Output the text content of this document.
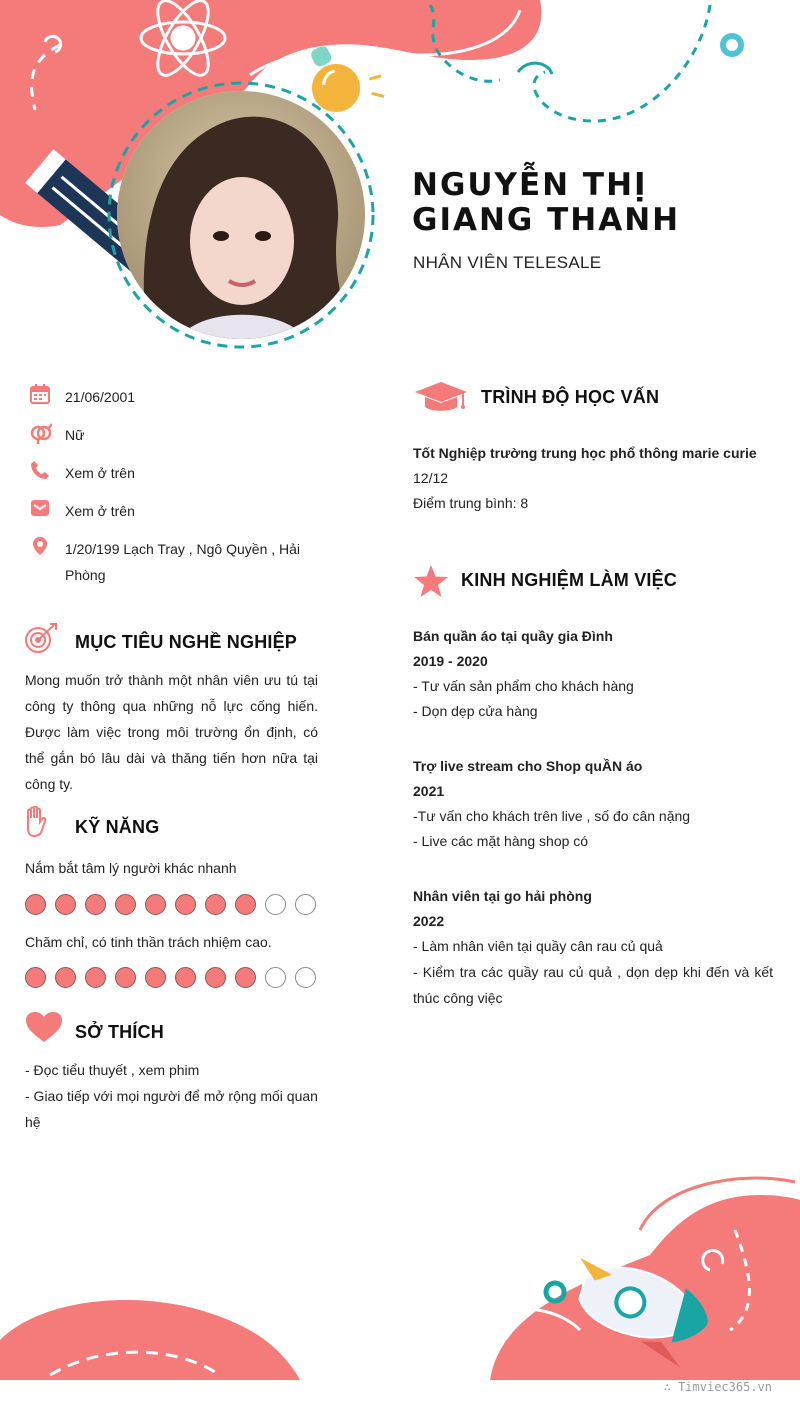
NGUYỄN THỊ GIANG THANH
NHÂN VIÊN TELESALE
21/06/2001
Nữ
Xem ở trên
Xem ở trên
1/20/199 Lạch Tray , Ngô Quyền , Hải Phòng
MỤC TIÊU NGHỀ NGHIỆP
Mong muốn trở thành một nhân viên ưu tú tại công ty thông qua những nỗ lực cống hiến. Được làm việc trong môi trường ổn định, có thể gắn bó lâu dài và thăng tiến hơn nữa tại công ty.
KỸ NĂNG
Nắm bắt tâm lý người khác nhanh
Chăm chỉ, có tinh thần trách nhiệm cao.
SỞ THÍCH
- Đọc tiểu thuyết , xem phim
- Giao tiếp với mọi người để mở rộng mối quan hệ
TRÌNH ĐỘ HỌC VẤN
Tốt Nghiệp trường trung học phổ thông marie curie
12/12
Điểm trung bình: 8
KINH NGHIỆM LÀM VIỆC
Bán quần áo tại quầy gia Đình
2019 - 2020
- Tư vấn sản phẩm cho khách hàng
- Dọn dẹp cửa hàng
Trợ live stream cho Shop quẦN áo
2021
-Tư vấn cho khách trên live , số đo cân nặng
- Live các mặt hàng shop có
Nhân viên tại go hải phòng
2022
- Làm nhân viên tại quầy cân rau củ quả
- Kiểm tra các quầy rau củ quả , dọn dẹp khi đến và kết thúc công việc
∴ Timviec365.vn
